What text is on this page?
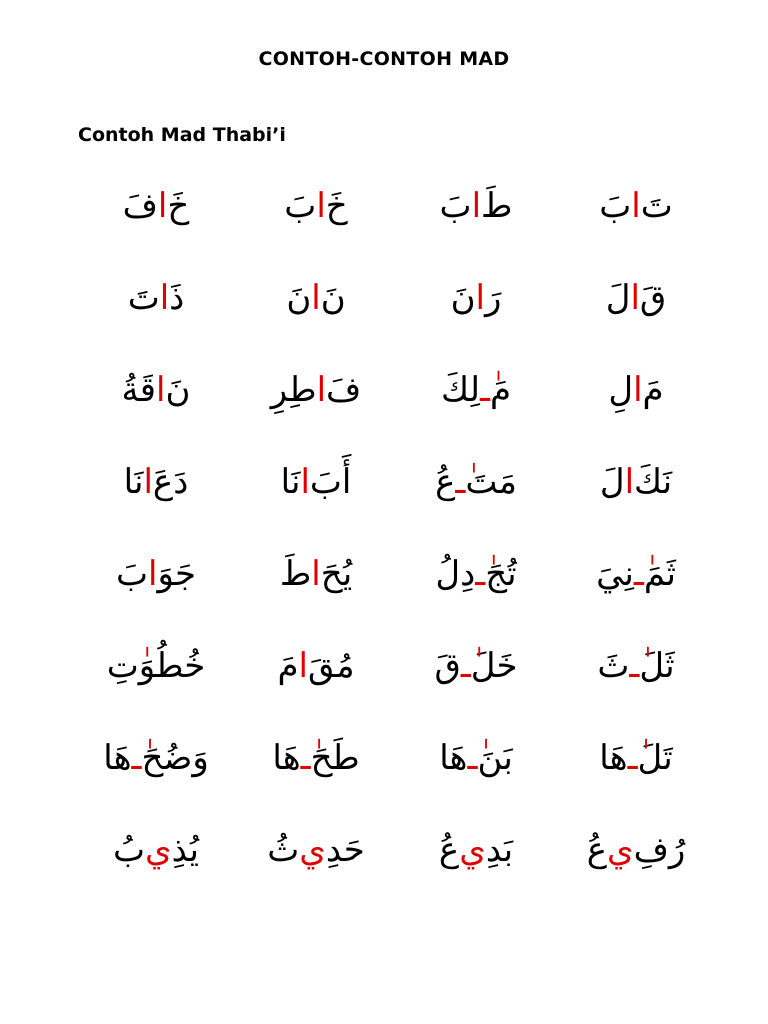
CONTOH-CONTOH MAD
Contoh Mad Thabi’i
تَ
ا
بَ
طَ
ا
بَ
خَ
ا
بَ
خَ
ا
فَ
قَ
ا
لَ
رَ
ا
نَ
نَ
ا
نَ
ذَ
ا
تَ
مَ
ا
لِ
مَ
ٰـ
لِكَ
فَ
ا
طِرِ
نَ
ا
قَةُ
نَكَ
ا
لَ
مَتَ
ٰـ
عُ
أَبَ
ا
نَا
دَعَ
ا
نَا
ثَمَ
ٰـ
نِيَ
تُجَ
ٰـ
دِلُ
يُحَ
ا
طَ
جَوَ
ا
بَ
ثَلَ
ٰـ
ثَ
خَلَ
ٰـ
قَ
مُقَ
ا
مَ
خُطُوَ
تِ
تَلَ
ٰـ
هَا
بَنَ
ٰـ
هَا
طَحَ
ٰـ
هَا
وَضُحَ
ٰـ
هَا
رُفِ
ي
عُ
بَدِ
ي
عُ
حَدِ
ي
ثُ
يُذِ
ي
بُ
